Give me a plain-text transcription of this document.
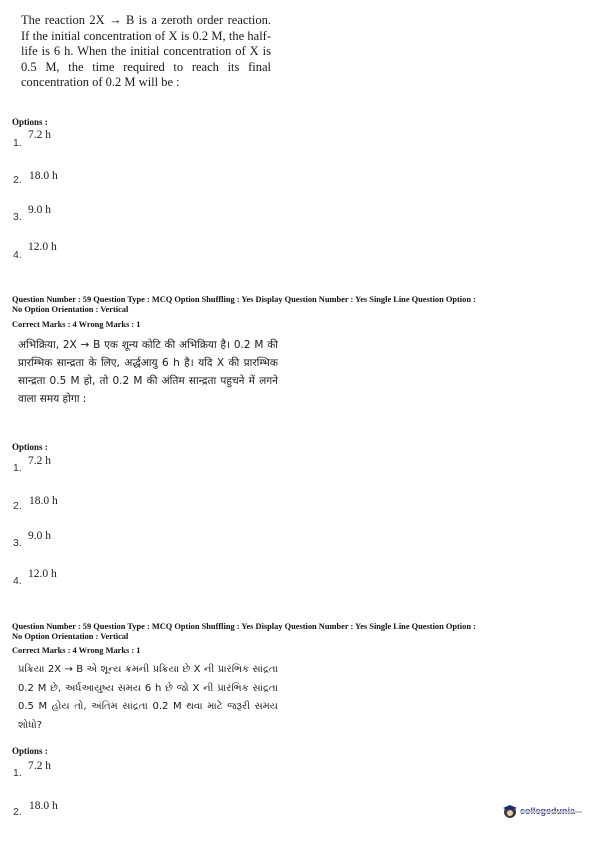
The reaction 2X → B is a zeroth order reaction. If the initial concentration of X is 0.2 M, the half-life is 6 h. When the initial concentration of X is 0.5 M, the time required to reach its final concentration of 0.2 M will be :
Options :
1.
7.2 h
2. 18.0 h
3.
9.0 h
4.
12.0 h
Question Number : 59 Question Type : MCQ Option Shuffling : Yes Display Question Number : Yes Single Line Question Option :
No Option Orientation : Vertical
Correct Marks : 4 Wrong Marks : 1
अभिक्रिया, 2X → B एक शून्य कोटि की अभिक्रिया है। 0.2 M की प्रारम्भिक सान्द्रता के लिए, अर्द्धआयु 6 h है। यदि X की प्रारम्भिक सान्द्रता 0.5 M हो, तो 0.2 M की अंतिम सान्द्रता पहुचने में लगने वाला समय होगा :
Options :
1.
7.2 h
2. 18.0 h
3.
9.0 h
4.
12.0 h
Question Number : 59 Question Type : MCQ Option Shuffling : Yes Display Question Number : Yes Single Line Question Option :
No Option Orientation : Vertical
Correct Marks : 4 Wrong Marks : 1
પ્રક્રિયા 2X → B એ શૂન્ય ક્રમની પ્રક્રિયા છે X ની પ્રારંભિક સાંદ્રતા 0.2 M છે, અર્ધઆયુષ્ય સમય 6 h છે જો X ની પ્રારંભિક સાંદ્રતા 0.5 M હોય તો, અંતિમ સાંદ્રતા 0.2 M થવા માટે જરૂરી સમય શોધો?
Options :
1.
7.2 h
2. 18.0 h
